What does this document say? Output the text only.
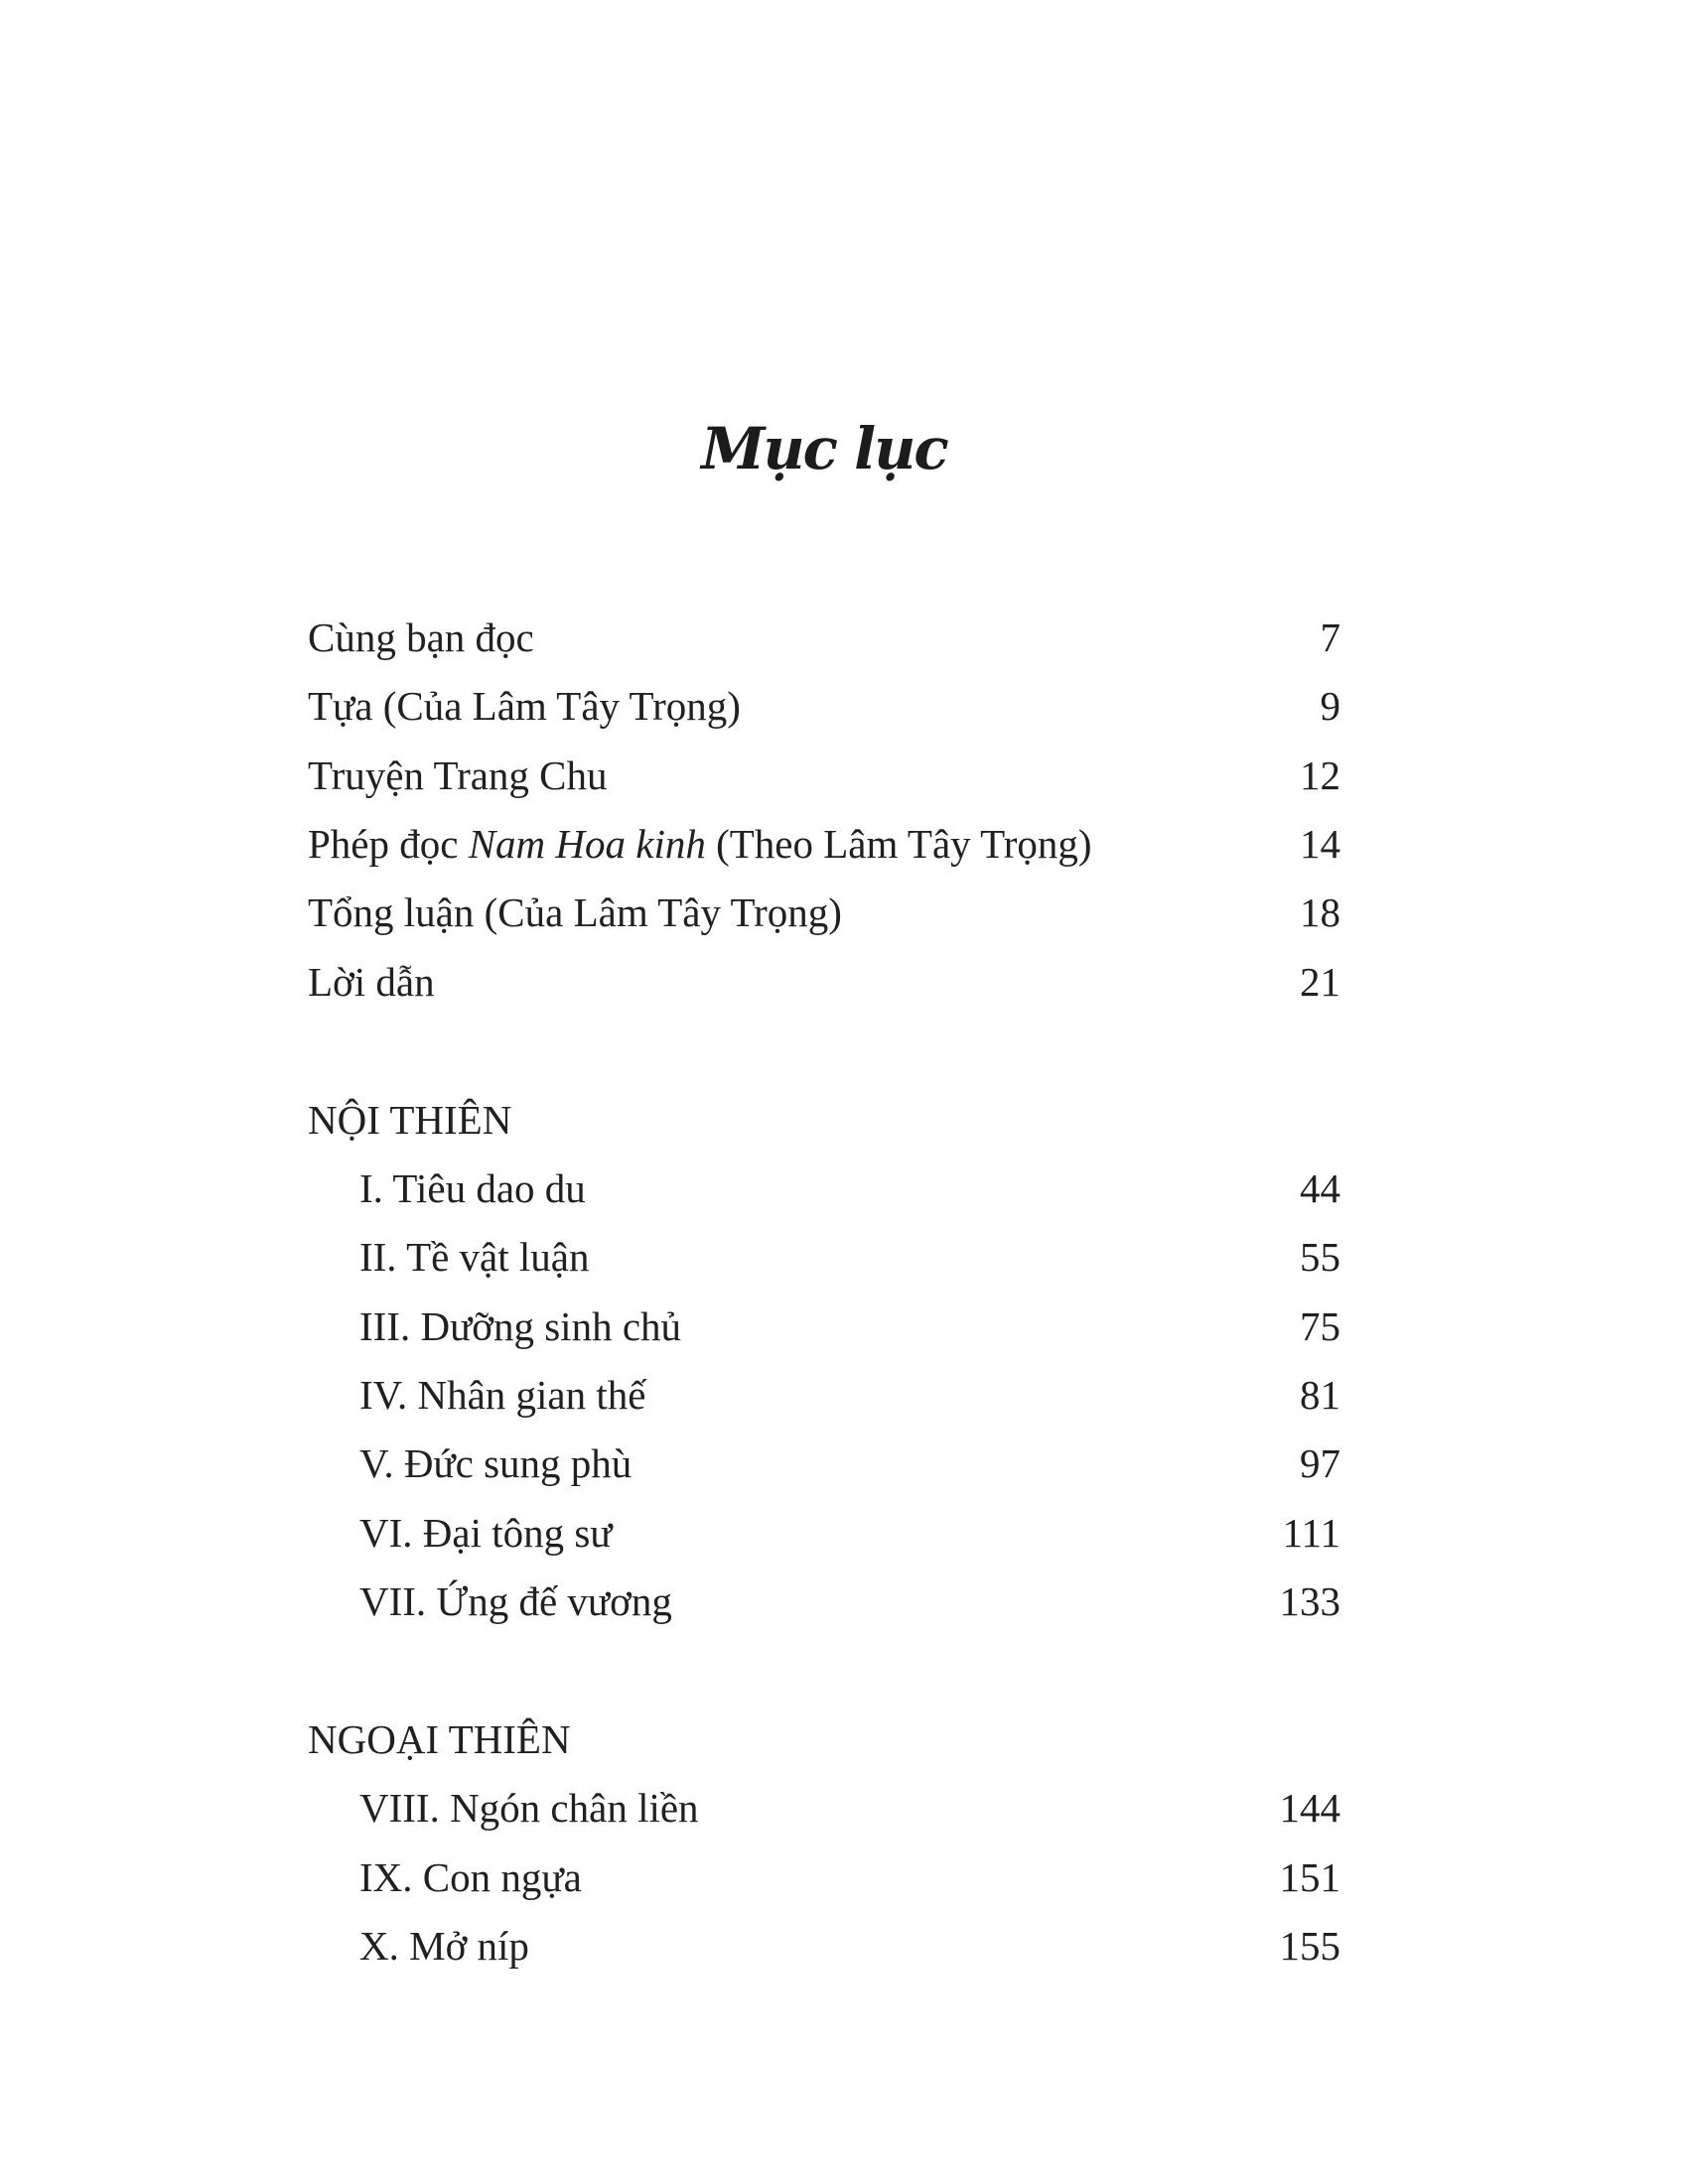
Mục lục
Cùng bạn đọc	7
Tựa (Của Lâm Tây Trọng)	9
Truyện Trang Chu	12
Phép đọc Nam Hoa kinh (Theo Lâm Tây Trọng)	14
Tổng luận (Của Lâm Tây Trọng)	18
Lời dẫn	21
NỘI THIÊN
I. Tiêu dao du	44
II. Tề vật luận	55
III. Dưỡng sinh chủ	75
IV. Nhân gian thế	81
V. Đức sung phù	97
VI. Đại tông sư	111
VII. Ứng đế vương	133
NGOẠI THIÊN
VIII. Ngón chân liền	144
IX. Con ngựa	151
X. Mở níp	155
